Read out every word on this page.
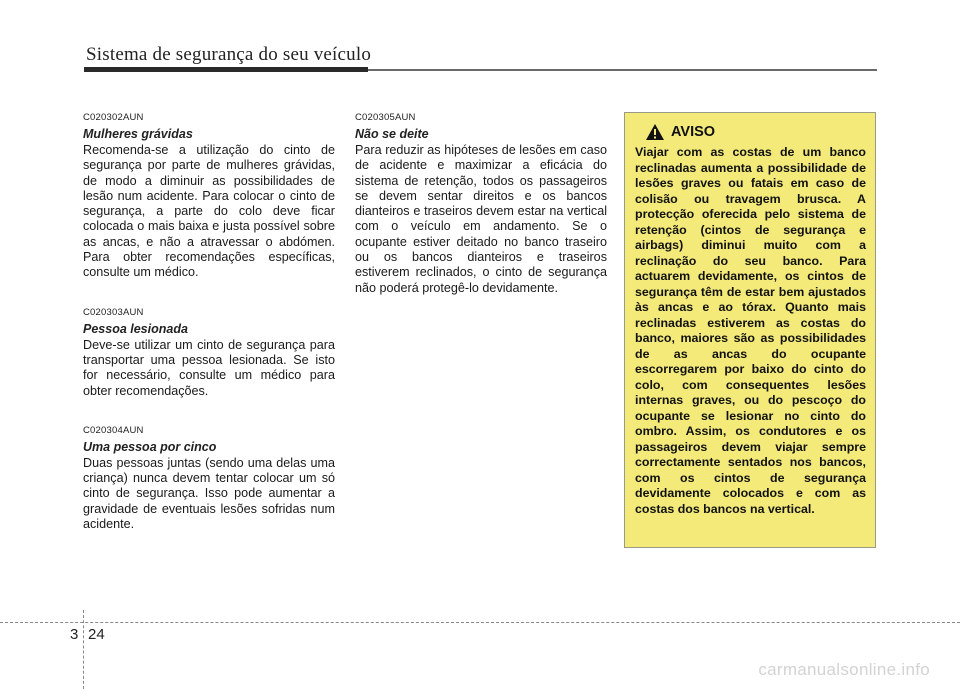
Sistema de segurança do seu veículo

C020302AUN

Mulheres grávidas

Recomenda-se a utilização do cinto de segurança por parte de mulheres grávidas, de modo a diminuir as possibilidades de lesão num acidente. Para colocar o cinto de segurança, a parte do colo deve ficar colocada o mais baixa e justa possível sobre as ancas, e não a atravessar o abdómen. Para obter recomendações específicas, consulte um médico.

C020303AUN

Pessoa lesionada

Deve-se utilizar um cinto de segurança para transportar uma pessoa lesionada. Se isto for necessário, consulte um médico para obter recomendações.

C020304AUN

Uma pessoa por cinco

Duas pessoas juntas (sendo uma delas uma criança) nunca devem tentar colocar um só cinto de segurança. Isso pode aumentar a gravidade de eventuais lesões sofridas num acidente.

C020305AUN

Não se deite

Para reduzir as hipóteses de lesões em caso de acidente e maximizar a eficácia do sistema de retenção, todos os passageiros se devem sentar direitos e os bancos dianteiros e traseiros devem estar na vertical com o veículo em andamento. Se o ocupante estiver deitado no banco traseiro ou os bancos dianteiros e traseiros estiverem reclinados, o cinto de segurança não poderá protegê-lo devidamente.

AVISO

Viajar com as costas de um banco reclinadas aumenta a possibilidade de lesões graves ou fatais em caso de colisão ou travagem brusca. A protecção oferecida pelo sistema de retenção (cintos de segurança e airbags) diminui muito com a reclinação do seu banco. Para actuarem devidamente, os cintos de segurança têm de estar bem ajustados às ancas e ao tórax. Quanto mais reclinadas estiverem as costas do banco, maiores são as possibilidades de as ancas do ocupante escorregarem por baixo do cinto do colo, com consequentes lesões internas graves, ou do pescoço do ocupante se lesionar no cinto do ombro. Assim, os condutores e os passageiros devem viajar sempre correctamente sentados nos bancos, com os cintos de segurança devidamente colocados e com as costas dos bancos na vertical.

3 24
carmanualsonline.info
